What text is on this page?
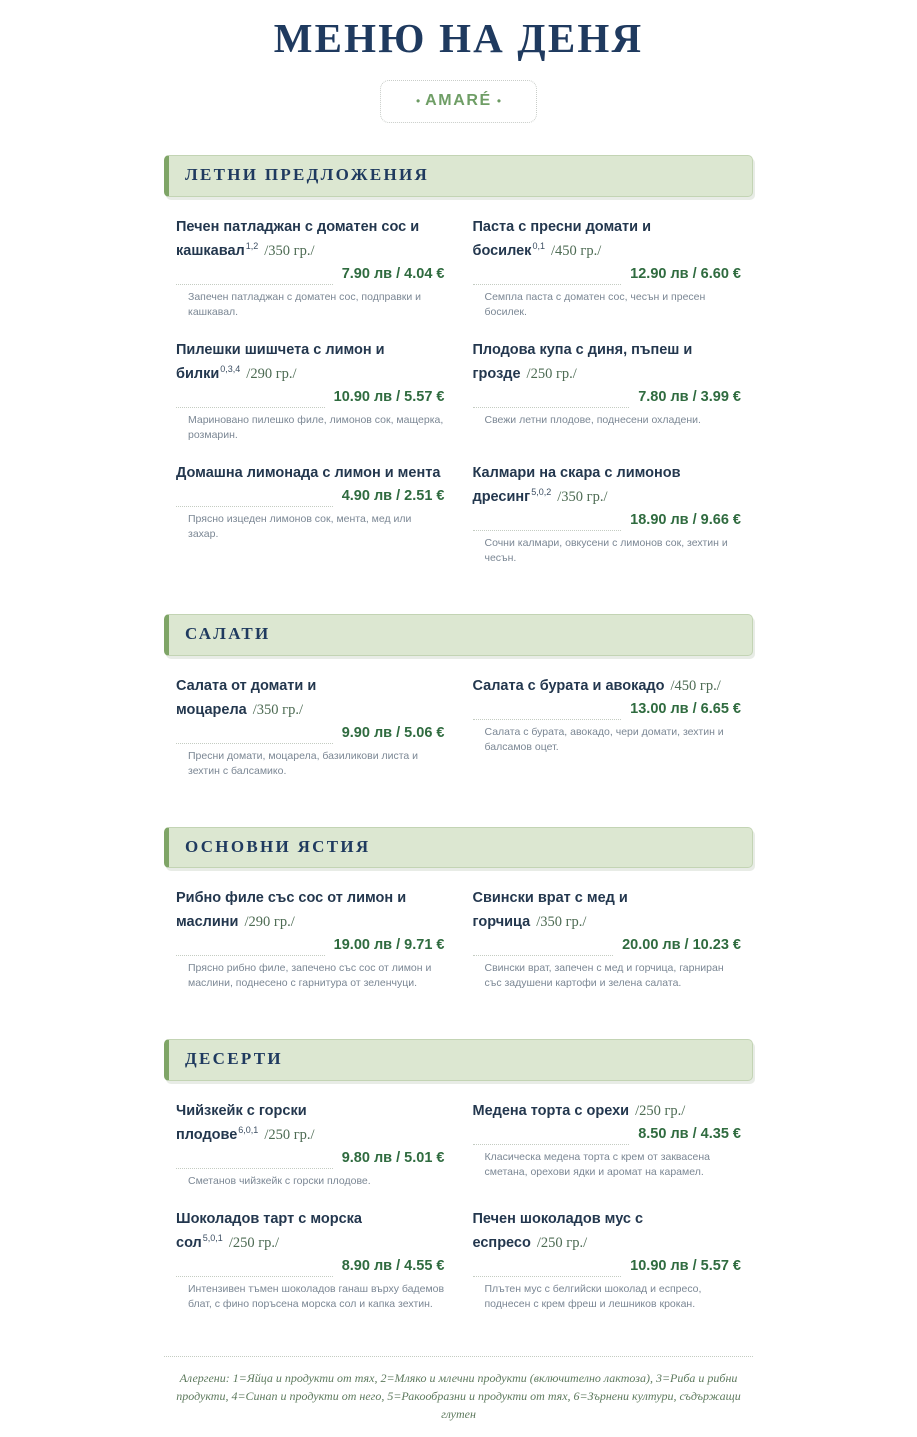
МЕНЮ НА ДЕНЯ
• AMARÉ •
ЛЕТНИ ПРЕДЛОЖЕНИЯ
Печен патладжан с доматен сос и кашкавал$^{1,2}$ /350 гр./
7.90 лв / 4.04 €
Запечен патладжан с доматен сос, подправки и кашкавал.
Паста с пресни домати и босилек$^{0,1}$ /450 гр./
12.90 лв / 6.60 €
Семпла паста с доматен сос, чесън и пресен босилек.
Пилешки шишчета с лимон и билки$^{0,3,4}$ /290 гр./
10.90 лв / 5.57 €
Мариновано пилешко филе, лимонов сок, мащерка, розмарин.
Плодова купа с диня, пъпеш и грозде /250 гр./
7.80 лв / 3.99 €
Свежи летни плодове, поднесени охладени.
Домашна лимонада с лимон и мента
4.90 лв / 2.51 €
Прясно изцеден лимонов сок, мента, мед или захар.
Калмари на скара с лимонов дресинг$^{5,0,2}$ /350 гр./
18.90 лв / 9.66 €
Сочни калмари, овкусени с лимонов сок, зехтин и чесън.
САЛАТИ
Салата от домати и моцарела /350 гр./
9.90 лв / 5.06 €
Пресни домати, моцарела, базиликови листа и зехтин с балсамико.
Салата с бурата и авокадо /450 гр./
13.00 лв / 6.65 €
Салата с бурата, авокадо, чери домати, зехтин и балсамов оцет.
ОСНОВНИ ЯСТИЯ
Рибно филе със сос от лимон и маслини /290 гр./
19.00 лв / 9.71 €
Прясно рибно филе, запечено със сос от лимон и маслини, поднесено с гарнитура от зеленчуци.
Свински врат с мед и горчица /350 гр./
20.00 лв / 10.23 €
Свински врат, запечен с мед и горчица, гарниран със задушени картофи и зелена салата.
ДЕСЕРТИ
Чийзкейк с горски плодове$^{6,0,1}$ /250 гр./
9.80 лв / 5.01 €
Сметанов чийзкейк с горски плодове.
Медена торта с орехи /250 гр./
8.50 лв / 4.35 €
Класическа медена торта с крем от заквасена сметана, орехови ядки и аромат на карамел.
Шоколадов тарт с морска сол$^{5,0,1}$ /250 гр./
8.90 лв / 4.55 €
Интензивен тъмен шоколадов ганаш върху бадемов блат, с фино поръсена морска сол и капка зехтин.
Печен шоколадов мус с еспресо /250 гр./
10.90 лв / 5.57 €
Плътен мус с белгийски шоколад и еспресо, поднесен с крем фреш и лешников крокан.
Алергени: 1=Яйца и продукти от тях, 2=Мляко и млечни продукти (включително лактоза), 3=Риба и рибни продукти, 4=Синап и продукти от него, 5=Ракообразни и продукти от тях, 6=Зърнени култури, съдържащи глутен
